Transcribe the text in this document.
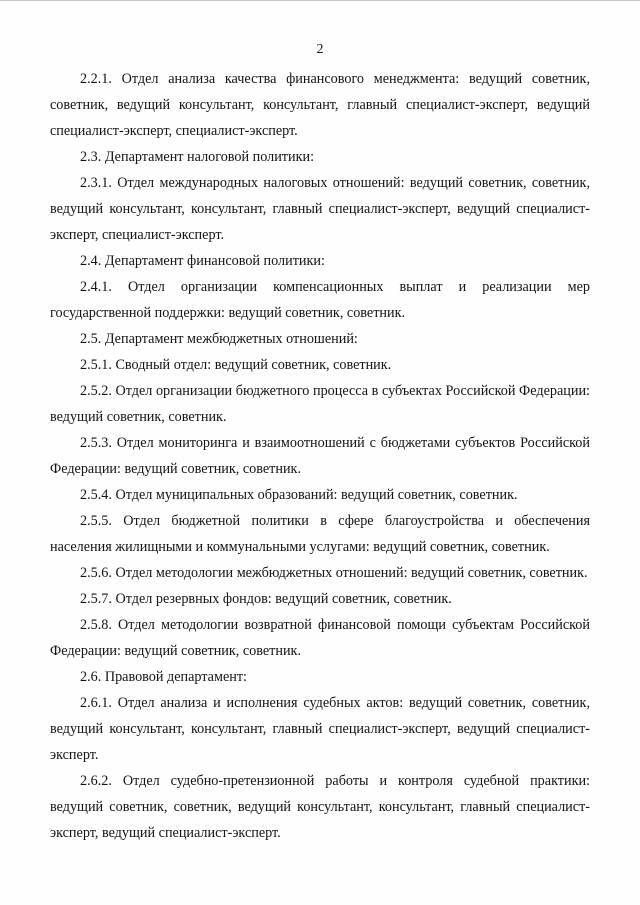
2

2.2.1. Отдел анализа качества финансового менеджмента: ведущий советник, советник, ведущий консультант, консультант, главный специалист-эксперт, ведущий специалист-эксперт, специалист-эксперт.

2.3. Департамент налоговой политики:

2.3.1. Отдел международных налоговых отношений: ведущий советник, советник, ведущий консультант, консультант, главный специалист-эксперт, ведущий специалист-эксперт, специалист-эксперт.

2.4. Департамент финансовой политики:

2.4.1. Отдел организации компенсационных выплат и реализации мер государственной поддержки: ведущий советник, советник.

2.5. Департамент межбюджетных отношений:

2.5.1. Сводный отдел: ведущий советник, советник.

2.5.2. Отдел организации бюджетного процесса в субъектах Российской Федерации: ведущий советник, советник.

2.5.3. Отдел мониторинга и взаимоотношений с бюджетами субъектов Российской Федерации: ведущий советник, советник.

2.5.4. Отдел муниципальных образований: ведущий советник, советник.

2.5.5. Отдел бюджетной политики в сфере благоустройства и обеспечения населения жилищными и коммунальными услугами: ведущий советник, советник.

2.5.6. Отдел методологии межбюджетных отношений: ведущий советник, советник.

2.5.7. Отдел резервных фондов: ведущий советник, советник.

2.5.8. Отдел методологии возвратной финансовой помощи субъектам Российской Федерации: ведущий советник, советник.

2.6. Правовой департамент:

2.6.1. Отдел анализа и исполнения судебных актов: ведущий советник, советник, ведущий консультант, консультант, главный специалист-эксперт, ведущий специалист-эксперт.

2.6.2. Отдел судебно-претензионной работы и контроля судебной практики: ведущий советник, советник, ведущий консультант, консультант, главный специалист-эксперт, ведущий специалист-эксперт.
